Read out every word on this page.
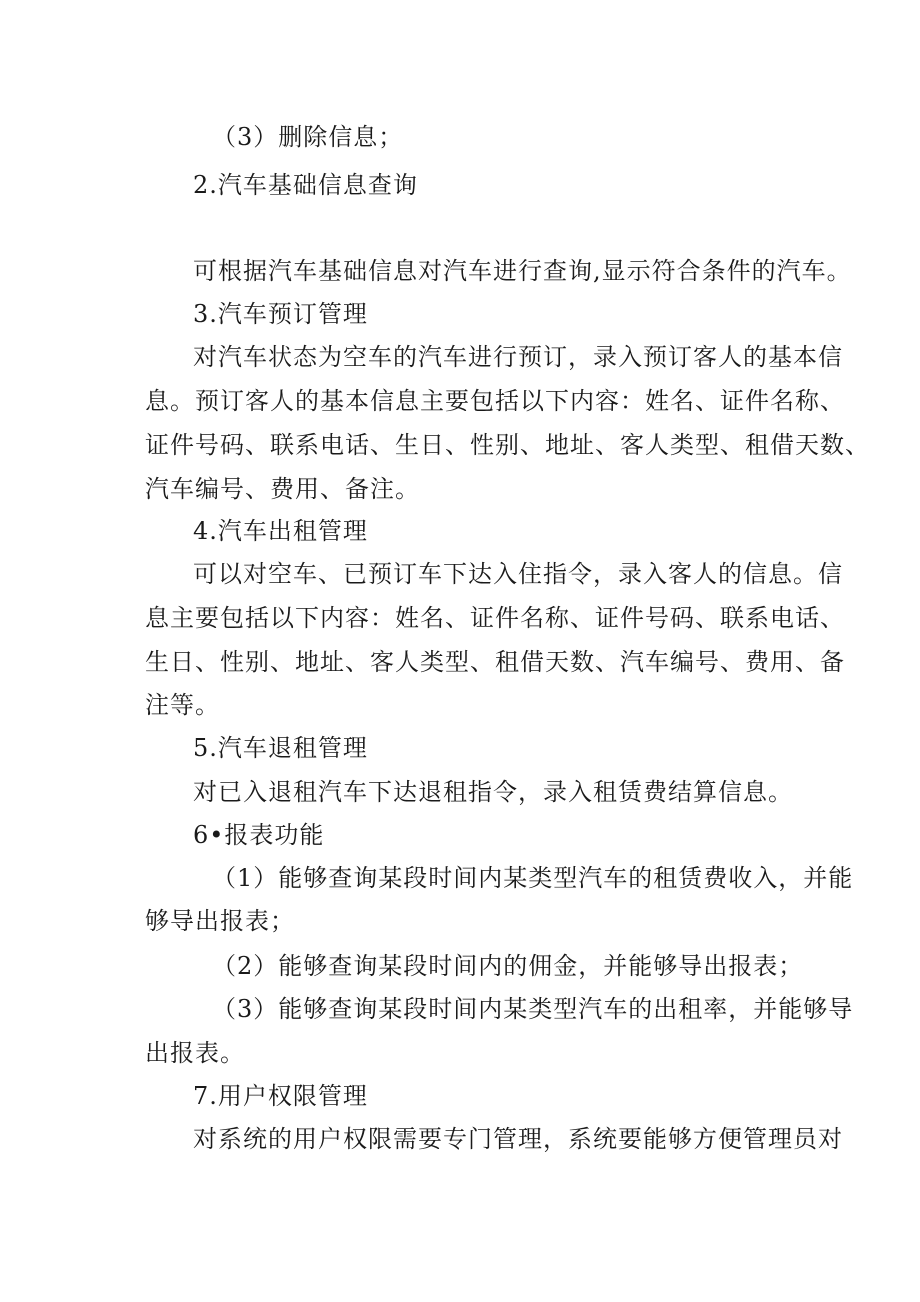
（3）删除信息；
2.汽车基础信息查询
可根据汽车基础信息对汽车进行查询,显示符合条件的汽车。
3.汽车预订管理
对汽车状态为空车的汽车进行预订，录入预订客人的基本信
息。预订客人的基本信息主要包括以下内容：姓名、证件名称、
证件号码、联系电话、生日、性别、地址、客人类型、租借天数、
汽车编号、费用、备注。
4.汽车出租管理
可以对空车、已预订车下达入住指令，录入客人的信息。信
息主要包括以下内容：姓名、证件名称、证件号码、联系电话、
生日、性别、地址、客人类型、租借天数、汽车编号、费用、备
注等。
5.汽车退租管理
对已入退租汽车下达退租指令，录入租赁费结算信息。
6•报表功能
（1）能够查询某段时间内某类型汽车的租赁费收入，并能
够导出报表；
（2）能够查询某段时间内的佣金，并能够导出报表；
（3）能够查询某段时间内某类型汽车的出租率，并能够导
出报表。
7.用户权限管理
对系统的用户权限需要专门管理，系统要能够方便管理员对
